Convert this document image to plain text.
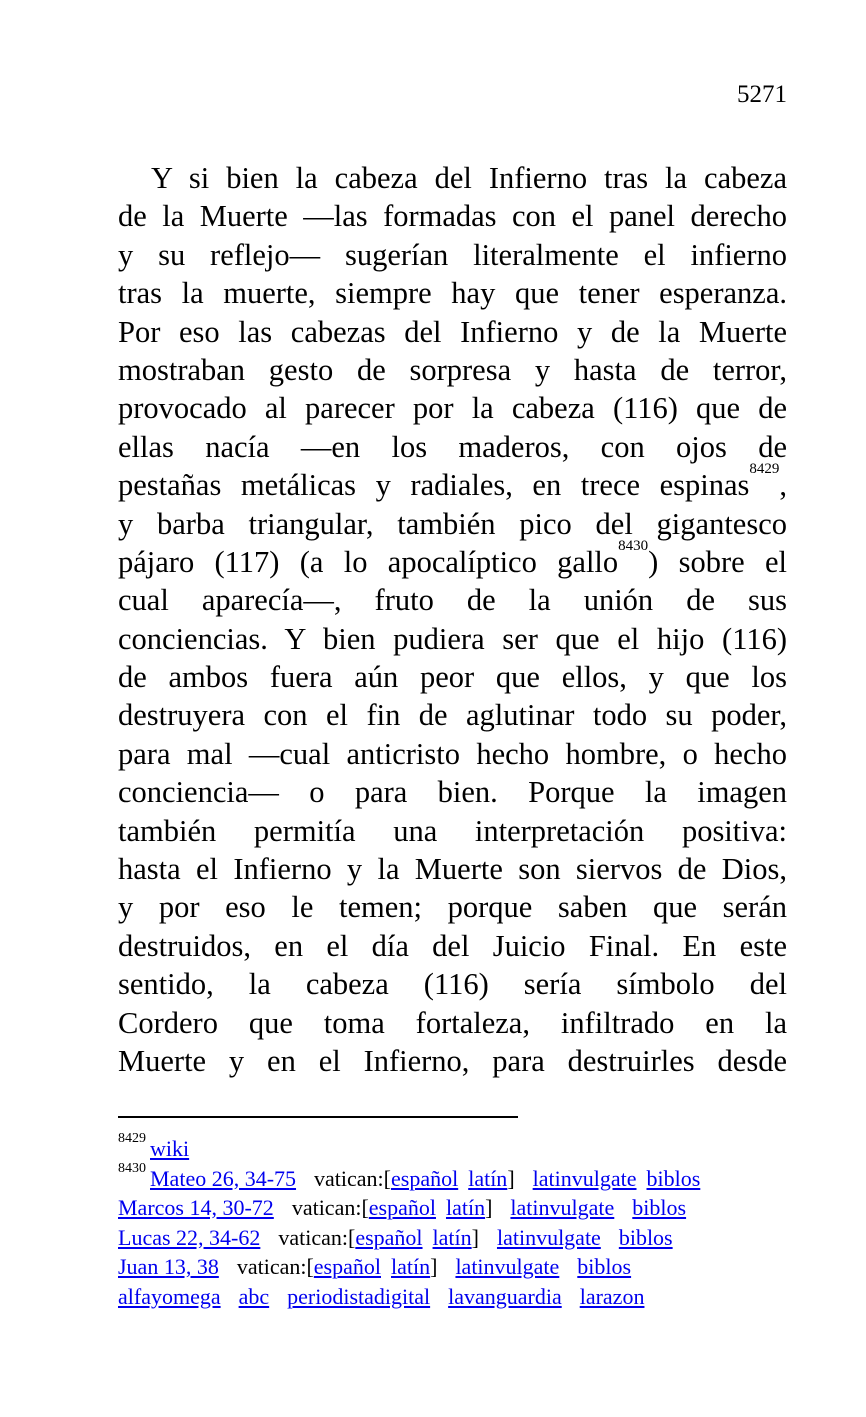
5271
Y si bien la cabeza del Infierno tras la cabeza
de la Muerte ―las formadas con el panel derecho
y su reflejo― sugerían literalmente el infierno
tras la muerte, siempre hay que tener esperanza.
Por eso las cabezas del Infierno y de la Muerte
mostraban gesto de sorpresa y hasta de terror,
provocado al parecer por la cabeza (116) que de
ellas nacía ―en los maderos, con ojos de
pestañas metálicas y radiales, en trece espinas$^{8429}$,
y barba triangular, también pico del gigantesco
pájaro (117) (a lo apocalíptico gallo$^{8430}$) sobre el
cual aparecía―, fruto de la unión de sus
conciencias. Y bien pudiera ser que el hijo (116)
de ambos fuera aún peor que ellos, y que los
destruyera con el fin de aglutinar todo su poder,
para mal ―cual anticristo hecho hombre, o hecho
conciencia― o para bien. Porque la imagen
también permitía una interpretación positiva:
hasta el Infierno y la Muerte son siervos de Dios,
y por eso le temen; porque saben que serán
destruidos, en el día del Juicio Final. En este
sentido, la cabeza (116) sería símbolo del
Cordero que toma fortaleza, infiltrado en la
Muerte y en el Infierno, para destruirles desde
$^{8429}$ wiki
$^{8430}$ Mateo 26, 34-75 vatican:[español latín] latinvulgate biblos
Marcos 14, 30-72 vatican:[español latín] latinvulgate biblos
Lucas 22, 34-62 vatican:[español latín] latinvulgate biblos
Juan 13, 38 vatican:[español latín] latinvulgate biblos
alfayomega abc periodistadigital lavanguardia larazon
